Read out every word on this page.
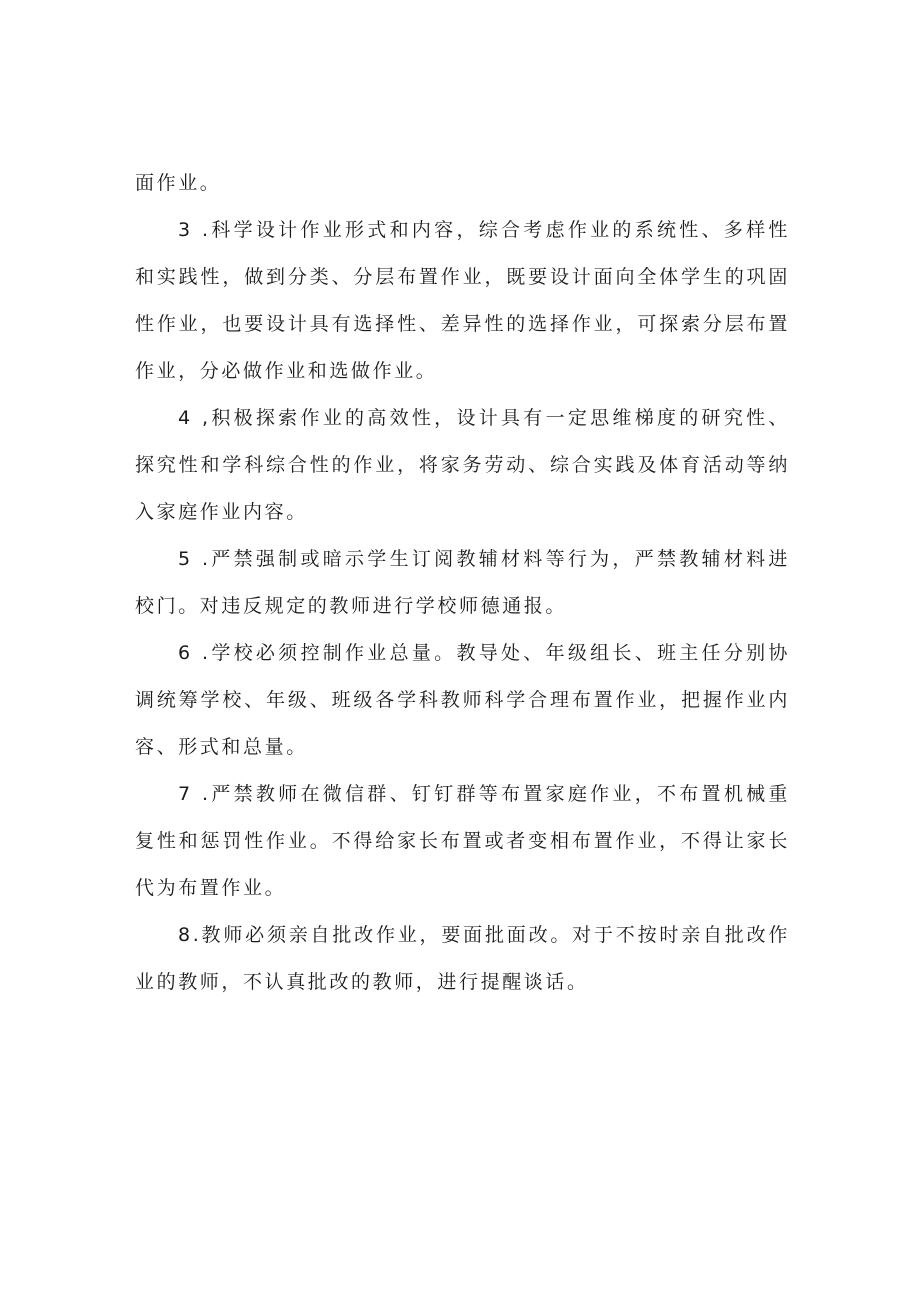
面作业。

3 .科学设计作业形式和内容，综合考虑作业的系统性、多样性和实践性，做到分类、分层布置作业，既要设计面向全体学生的巩固性作业，也要设计具有选择性、差异性的选择作业，可探索分层布置作业，分必做作业和选做作业。

4 ,积极探索作业的高效性，设计具有一定思维梯度的研究性、探究性和学科综合性的作业，将家务劳动、综合实践及体育活动等纳入家庭作业内容。

5 .严禁强制或暗示学生订阅教辅材料等行为，严禁教辅材料进校门。对违反规定的教师进行学校师德通报。

6 .学校必须控制作业总量。教导处、年级组长、班主任分别协调统筹学校、年级、班级各学科教师科学合理布置作业，把握作业内容、形式和总量。

7 .严禁教师在微信群、钉钉群等布置家庭作业，不布置机械重复性和惩罚性作业。不得给家长布置或者变相布置作业，不得让家长代为布置作业。

8.教师必须亲自批改作业，要面批面改。对于不按时亲自批改作业的教师，不认真批改的教师，进行提醒谈话。
